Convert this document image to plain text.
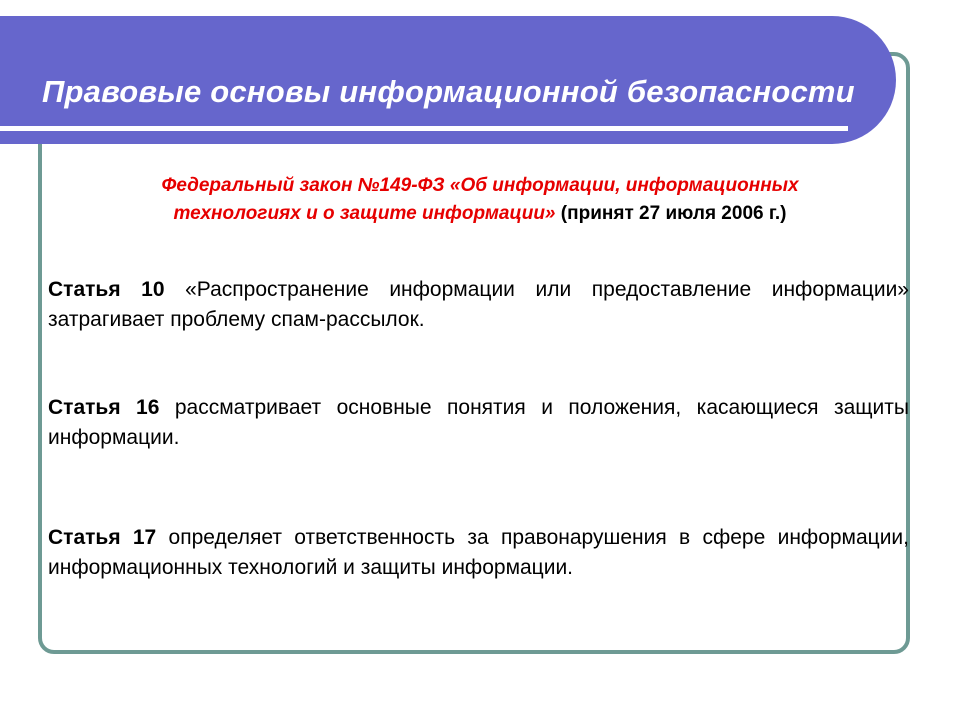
Правовые основы информационной безопасности

Федеральный закон №149-ФЗ «Об информации, информационных
технологиях и о защите информации» (принят 27 июля 2006 г.)

Статья 10 «Распространение информации или предоставление информации» затрагивает проблему спам-рассылок.

Статья 16 рассматривает основные понятия и положения, касающиеся защиты информации.

Статья 17 определяет ответственность за правонарушения в сфере информации, информационных технологий и защиты информации.
